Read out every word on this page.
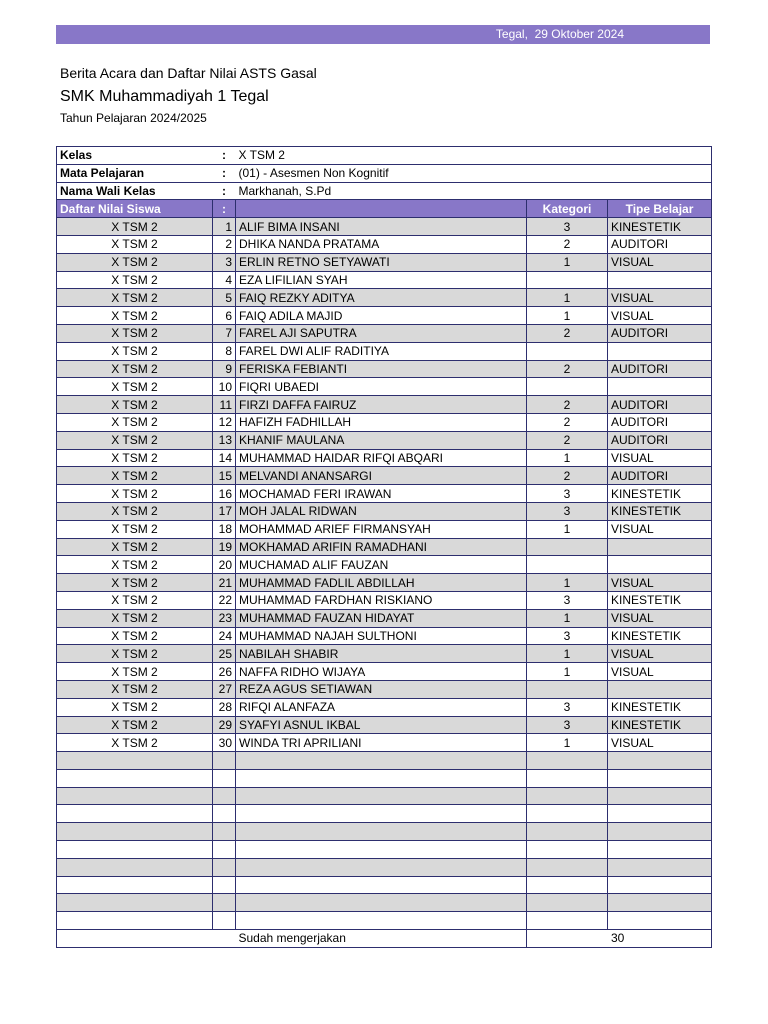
Tegal,  29 Oktober 2024
Berita Acara dan Daftar Nilai ASTS Gasal
SMK Muhammadiyah 1 Tegal
Tahun Pelajaran 2024/2025
Kelas	:	X TSM 2		
Mata Pelajaran	:	(01) - Asesmen Non Kognitif		
Nama Wali Kelas	:	Markhanah, S.Pd		
Daftar Nilai Siswa	:		Kategori	Tipe Belajar
X TSM 2	1	ALIF BIMA INSANI	3	KINESTETIK
X TSM 2	2	DHIKA NANDA PRATAMA	2	AUDITORI
X TSM 2	3	ERLIN RETNO SETYAWATI	1	VISUAL
X TSM 2	4	EZA LIFILIAN SYAH		
X TSM 2	5	FAIQ REZKY ADITYA	1	VISUAL
X TSM 2	6	FAIQ ADILA MAJID	1	VISUAL
X TSM 2	7	FAREL AJI SAPUTRA	2	AUDITORI
X TSM 2	8	FAREL DWI ALIF RADITIYA		
X TSM 2	9	FERISKA FEBIANTI	2	AUDITORI
X TSM 2	10	FIQRI UBAEDI		
X TSM 2	11	FIRZI DAFFA FAIRUZ	2	AUDITORI
X TSM 2	12	HAFIZH FADHILLAH	2	AUDITORI
X TSM 2	13	KHANIF MAULANA	2	AUDITORI
X TSM 2	14	MUHAMMAD HAIDAR RIFQI ABQARI	1	VISUAL
X TSM 2	15	MELVANDI ANANSARGI	2	AUDITORI
X TSM 2	16	MOCHAMAD FERI IRAWAN	3	KINESTETIK
X TSM 2	17	MOH JALAL RIDWAN	3	KINESTETIK
X TSM 2	18	MOHAMMAD ARIEF FIRMANSYAH	1	VISUAL
X TSM 2	19	MOKHAMAD ARIFIN RAMADHANI		
X TSM 2	20	MUCHAMAD ALIF FAUZAN		
X TSM 2	21	MUHAMMAD FADLIL ABDILLAH	1	VISUAL
X TSM 2	22	MUHAMMAD FARDHAN RISKIANO	3	KINESTETIK
X TSM 2	23	MUHAMMAD FAUZAN HIDAYAT	1	VISUAL
X TSM 2	24	MUHAMMAD NAJAH SULTHONI	3	KINESTETIK
X TSM 2	25	NABILAH SHABIR	1	VISUAL
X TSM 2	26	NAFFA RIDHO WIJAYA	1	VISUAL
X TSM 2	27	REZA AGUS SETIAWAN		
X TSM 2	28	RIFQI ALANFAZA	3	KINESTETIK
X TSM 2	29	SYAFYI ASNUL IKBAL	3	KINESTETIK
X TSM 2	30	WINDA TRI APRILIANI	1	VISUAL

		Sudah mengerjakan	30	
